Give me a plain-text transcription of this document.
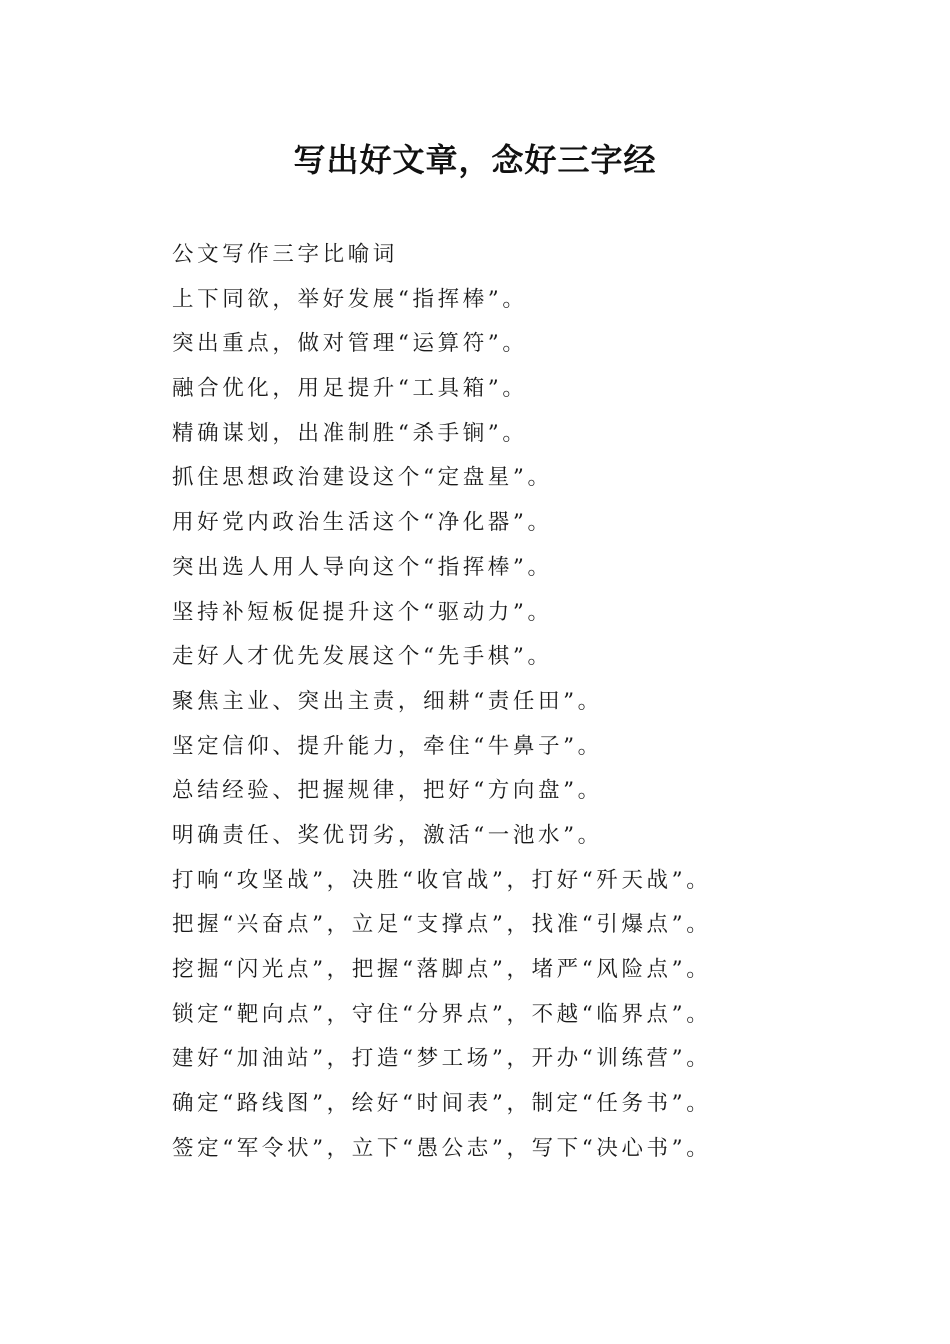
写出好文章，念好三字经
公文写作三字比喻词
上下同欲，举好发展“指挥棒”。
突出重点，做对管理“运算符”。
融合优化，用足提升“工具箱”。
精确谋划，出准制胜“杀手锏”。
抓住思想政治建设这个“定盘星”。
用好党内政治生活这个“净化器”。
突出选人用人导向这个“指挥棒”。
坚持补短板促提升这个“驱动力”。
走好人才优先发展这个“先手棋”。
聚焦主业、突出主责，细耕“责任田”。
坚定信仰、提升能力，牵住“牛鼻子”。
总结经验、把握规律，把好“方向盘”。
明确责任、奖优罚劣，激活“一池水”。
打响“攻坚战”，决胜“收官战”，打好“歼天战”。
把握“兴奋点”，立足“支撑点”，找准“引爆点”。
挖掘“闪光点”，把握“落脚点”，堵严“风险点”。
锁定“靶向点”，守住“分界点”，不越“临界点”。
建好“加油站”，打造“梦工场”，开办“训练营”。
确定“路线图”，绘好“时间表”，制定“任务书”。
签定“军令状”，立下“愚公志”，写下“决心书”。
